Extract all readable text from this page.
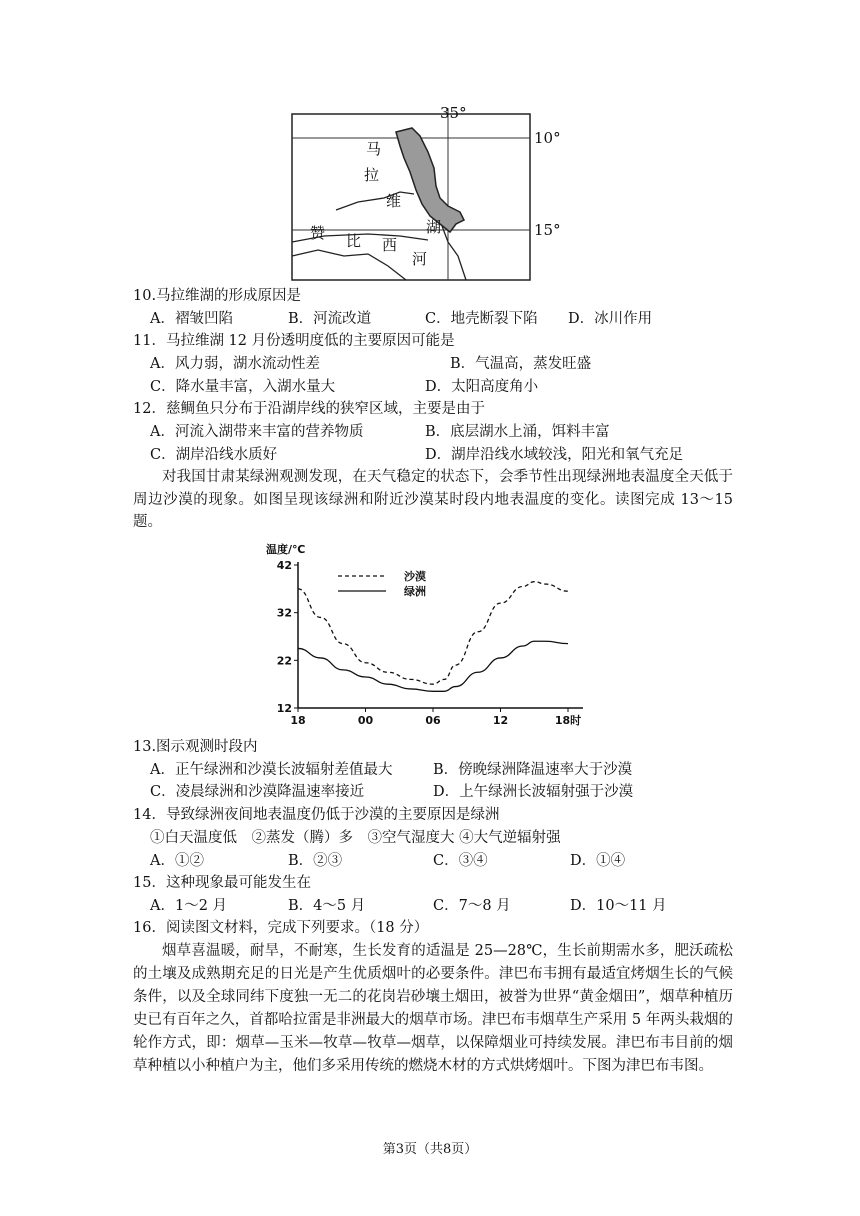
35°
10°
15°
马
拉
维
湖
赞 比 西
河
10.马拉维湖的形成原因是
A．褶皱凹陷	B．河流改道	C．地壳断裂下陷 D．冰川作用
11．马拉维湖 12 月份透明度低的主要原因可能是
A．风力弱，湖水流动性差	B．气温高，蒸发旺盛
C．降水量丰富，入湖水量大	D．太阳高度角小
12．慈鲷鱼只分布于沿湖岸线的狭窄区域，主要是由于
A．河流入湖带来丰富的营养物质	B．底层湖水上涌，饵料丰富
C．湖岸沿线水质好	D．湖岸沿线水域较浅，阳光和氧气充足
对我国甘肃某绿洲观测发现，在天气稳定的状态下，会季节性出现绿洲地表温度全天低于周边沙漠的现象。如图呈现该绿洲和附近沙漠某时段内地表温度的变化。读图完成 13～15 题。
温度/℃
12
22
32
42
18	00	06	12	18时
沙漠
绿洲
13.图示观测时段内
A．正午绿洲和沙漠长波辐射差值最大	B．傍晚绿洲降温速率大于沙漠
C．凌晨绿洲和沙漠降温速率接近	D．上午绿洲长波辐射强于沙漠
14．导致绿洲夜间地表温度仍低于沙漠的主要原因是绿洲
①白天温度低　②蒸发（腾）多　③空气湿度大 ④大气逆辐射强
A．①②	B．②③	C．③④	D．①④
15．这种现象最可能发生在
A．1～2 月	B．4～5 月	C．7～8 月	D．10～11 月
16．阅读图文材料，完成下列要求。（18 分）
烟草喜温暖，耐旱，不耐寒，生长发育的适温是 25—28℃，生长前期需水多，肥沃疏松的土壤及成熟期充足的日光是产生优质烟叶的必要条件。津巴布韦拥有最适宜烤烟生长的气候条件，以及全球同纬下度独一无二的花岗岩砂壤土烟田，被誉为世界“黄金烟田”，烟草种植历史已有百年之久，首都哈拉雷是非洲最大的烟草市场。津巴布韦烟草生产采用 5 年两头栽烟的轮作方式，即：烟草—玉米—牧草—牧草—烟草，以保障烟业可持续发展。津巴布韦目前的烟草种植以小种植户为主，他们多采用传统的燃烧木材的方式烘烤烟叶。下图为津巴布韦图。
第3页（共8页）
